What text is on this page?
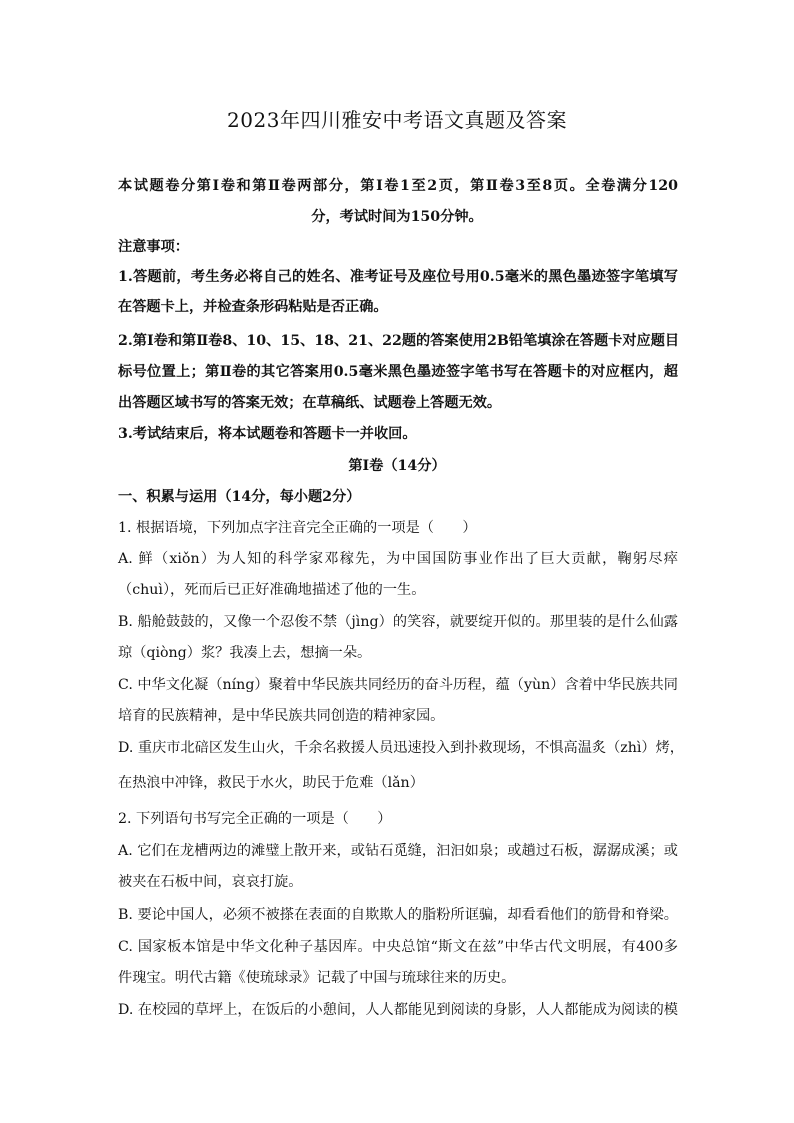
2023年四川雅安中考语文真题及答案

本试题卷分第Ⅰ卷和第Ⅱ卷两部分，第Ⅰ卷1至2页，第Ⅱ卷3至8页。全卷满分120

分，考试时间为150分钟。

注意事项：

1.答题前，考生务必将自己的姓名、准考证号及座位号用0.5毫米的黑色墨迹签字笔填写

在答题卡上，并检查条形码粘贴是否正确。

2.第Ⅰ卷和第Ⅱ卷8、10、15、18、21、22题的答案使用2B铅笔填涂在答题卡对应题目

标号位置上；第Ⅱ卷的其它答案用0.5毫米黑色墨迹签字笔书写在答题卡的对应框内，超

出答题区域书写的答案无效；在草稿纸、试题卷上答题无效。

3.考试结束后，将本试题卷和答题卡一并收回。

第Ⅰ卷（14分）

一、积累与运用（14分，每小题2分）

1. 根据语境，下列加点字注音完全正确的一项是（　　）

A. 鲜（xiǒn）为人知的科学家邓稼先，为中国国防事业作出了巨大贡献，鞠躬尽瘁

（chuì），死而后已正好准确地描述了他的一生。

B. 船舱鼓鼓的，又像一个忍俊不禁（jìng）的笑容，就要绽开似的。那里装的是什么仙露

琼（qiòng）浆？我凑上去，想摘一朵。

C. 中华文化凝（níng）聚着中华民族共同经历的奋斗历程，蕴（yùn）含着中华民族共同

培育的民族精神，是中华民族共同创造的精神家园。

D. 重庆市北碚区发生山火，千余名救援人员迅速投入到扑救现场，不惧高温炙（zhì）烤，

在热浪中冲锋，救民于水火，助民于危难（lǎn）

2. 下列语句书写完全正确的一项是（　　）

A. 它们在龙槽两边的滩璧上散开来，或钻石觅缝，汩汩如泉；或趟过石板，潺潺成溪；或

被夹在石板中间，哀哀打旋。

B. 要论中国人，必须不被搽在表面的自欺欺人的脂粉所诓骗，却看看他们的筋骨和脊梁。

C. 国家板本馆是中华文化种子基因库。中央总馆“斯文在兹”中华古代文明展，有400多

件瑰宝。明代古籍《使琉球录》记载了中国与琉球往来的历史。

D. 在校园的草坪上，在饭后的小憩间，人人都能见到阅读的身影，人人都能成为阅读的模
